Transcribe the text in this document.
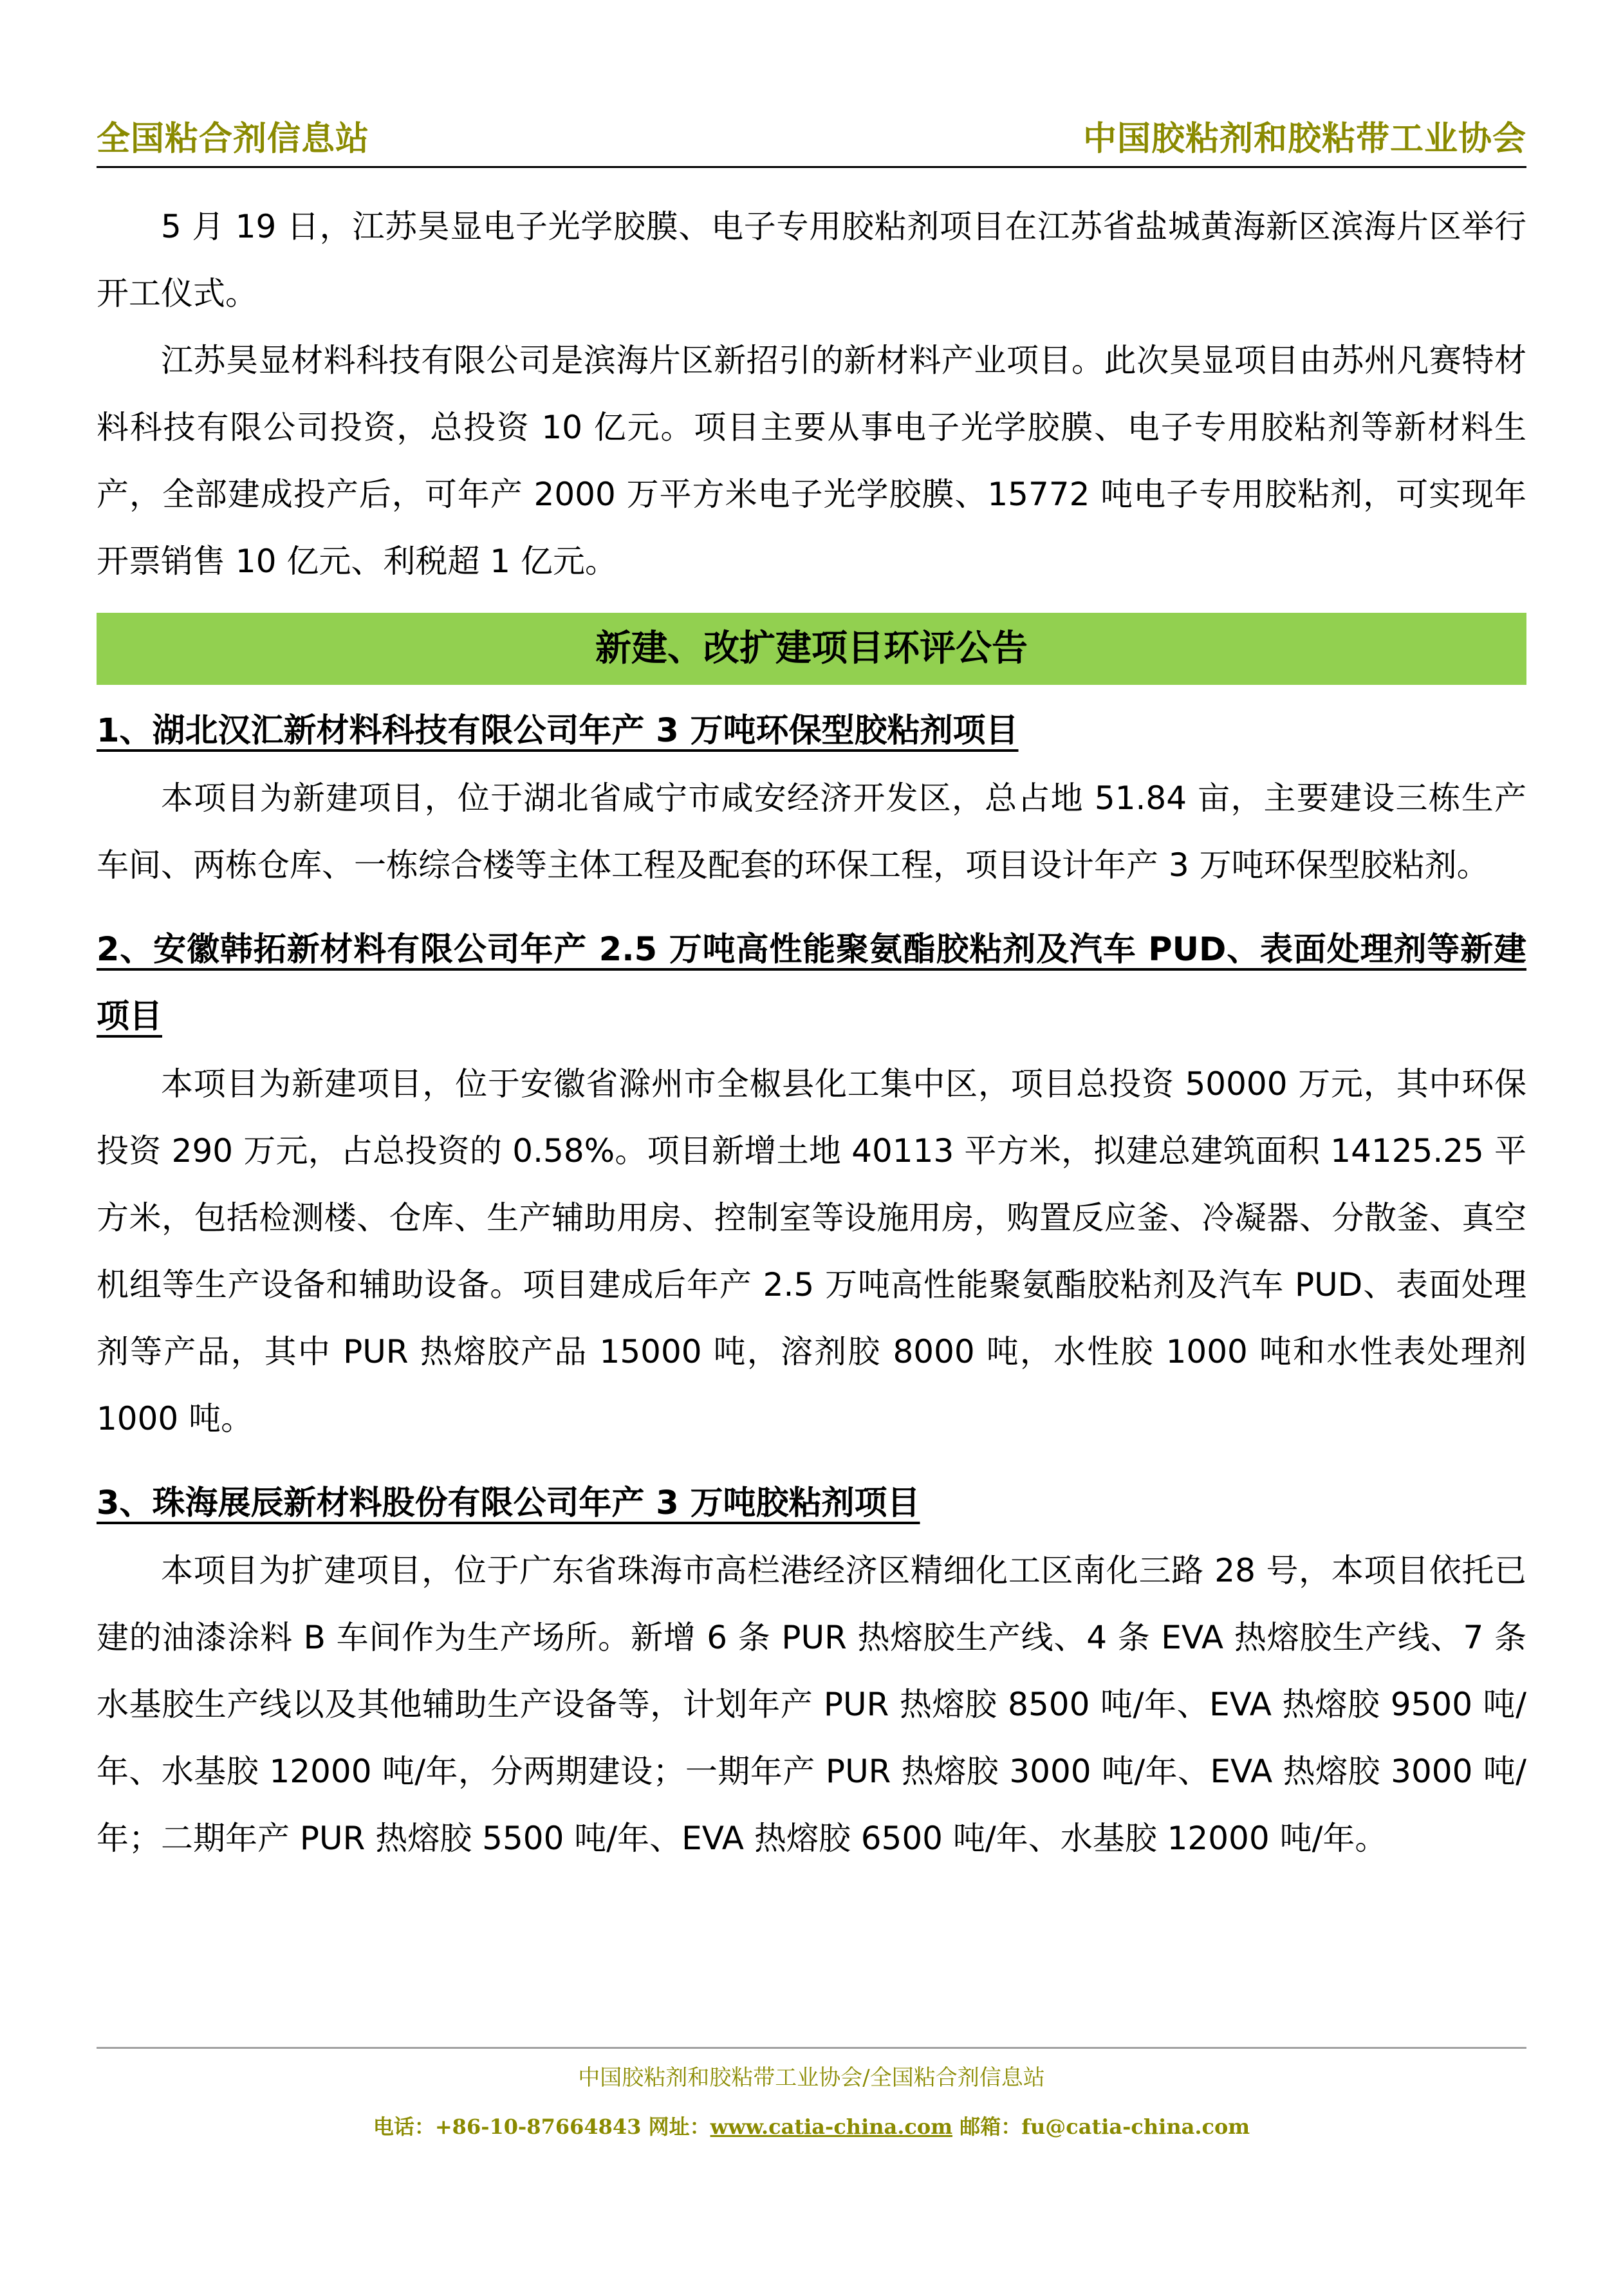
全国粘合剂信息站	中国胶粘剂和胶粘带工业协会

5 月 19 日，江苏昊显电子光学胶膜、电子专用胶粘剂项目在江苏省盐城黄海新区滨海片区举行开工仪式。

江苏昊显材料科技有限公司是滨海片区新招引的新材料产业项目。此次昊显项目由苏州凡赛特材料科技有限公司投资，总投资 10 亿元。项目主要从事电子光学胶膜、电子专用胶粘剂等新材料生产，全部建成投产后，可年产 2000 万平方米电子光学胶膜、15772 吨电子专用胶粘剂，可实现年开票销售 10 亿元、利税超 1 亿元。

新建、改扩建项目环评公告

1、湖北汉汇新材料科技有限公司年产 3 万吨环保型胶粘剂项目

本项目为新建项目，位于湖北省咸宁市咸安经济开发区，总占地 51.84 亩，主要建设三栋生产车间、两栋仓库、一栋综合楼等主体工程及配套的环保工程，项目设计年产 3 万吨环保型胶粘剂。

2、安徽韩拓新材料有限公司年产 2.5 万吨高性能聚氨酯胶粘剂及汽车 PUD、表面处理剂等新建项目

本项目为新建项目，位于安徽省滁州市全椒县化工集中区，项目总投资 50000 万元，其中环保投资 290 万元，占总投资的 0.58%。项目新增土地 40113 平方米，拟建总建筑面积 14125.25 平方米，包括检测楼、仓库、生产辅助用房、控制室等设施用房，购置反应釜、冷凝器、分散釜、真空机组等生产设备和辅助设备。项目建成后年产 2.5 万吨高性能聚氨酯胶粘剂及汽车 PUD、表面处理剂等产品，其中 PUR 热熔胶产品 15000 吨，溶剂胶 8000 吨，水性胶 1000 吨和水性表处理剂 1000 吨。

3、珠海展辰新材料股份有限公司年产 3 万吨胶粘剂项目

本项目为扩建项目，位于广东省珠海市高栏港经济区精细化工区南化三路 28 号，本项目依托已建的油漆涂料 B 车间作为生产场所。新增 6 条 PUR 热熔胶生产线、4 条 EVA 热熔胶生产线、7 条水基胶生产线以及其他辅助生产设备等，计划年产 PUR 热熔胶 8500 吨/年、EVA 热熔胶 9500 吨/年、水基胶 12000 吨/年，分两期建设；一期年产 PUR 热熔胶 3000 吨/年、EVA 热熔胶 3000 吨/年；二期年产 PUR 热熔胶 5500 吨/年、EVA 热熔胶 6500 吨/年、水基胶 12000 吨/年。

中国胶粘剂和胶粘带工业协会/全国粘合剂信息站
电话：+86-10-87664843 网址：www.catia-china.com 邮箱：fu@catia-china.com
